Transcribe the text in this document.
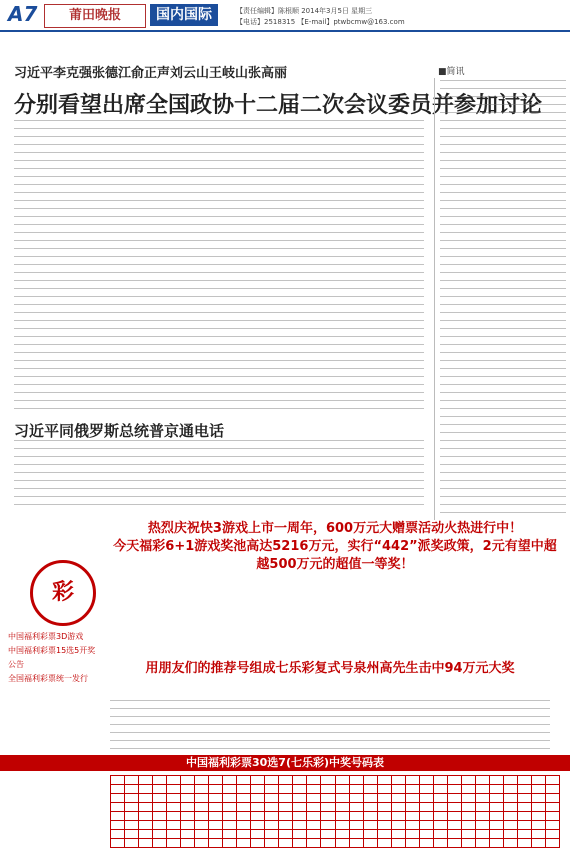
A7	莆田晚报	国内国际	【责任编辑】陈根顺 2014年3月5日 星期三
【电话】2518315 【E-mail】ptwbcmw@163.com
习近平李克强张德江俞正声刘云山王岐山张高丽
分别看望出席全国政协十二届二次会议委员并参加讨论
■简讯
习近平同俄罗斯总统普京通电话
彩
热烈庆祝快3游戏上市一周年，600万元大赠票活动火热进行中！
今天福彩6+1游戏奖池高达5216万元，实行“442”派奖政策，2元有望中超越500万元的超值一等奖！
中国福利彩票3D游戏
中国福利彩票15选5开奖公告
全国福利彩票统一发行
用朋友们的推荐号组成七乐彩复式号泉州高先生击中94万元大奖
中国福利彩票30选7(七乐彩)中奖号码表
